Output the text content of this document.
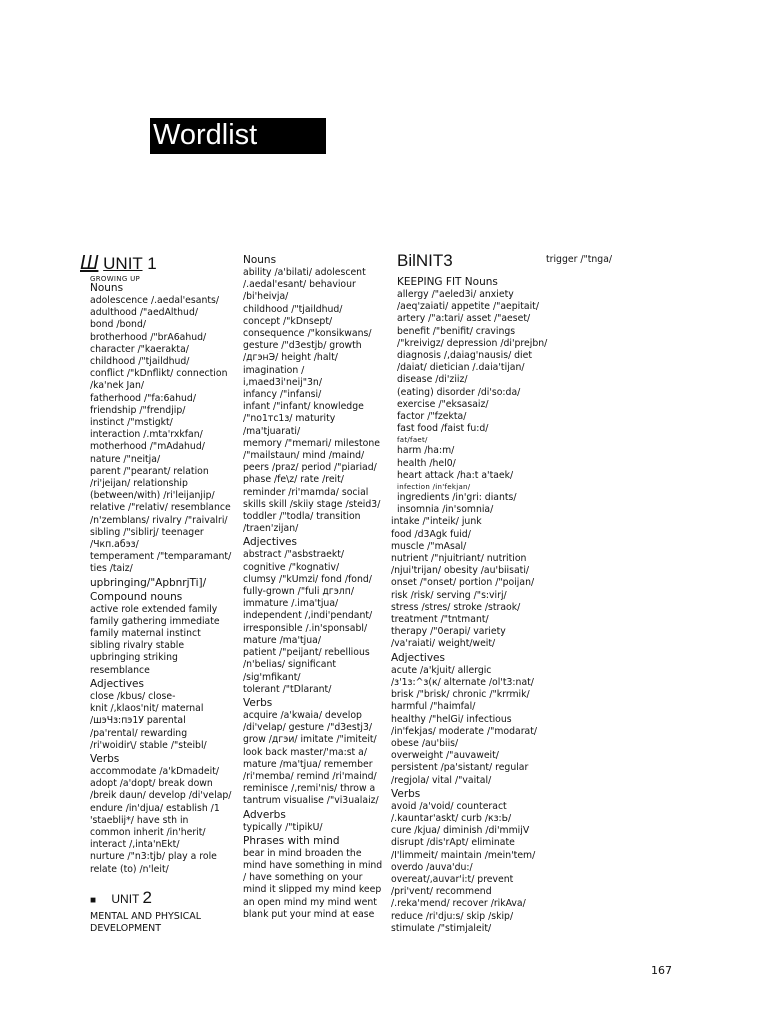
Wordlist
Ш UNIT 1
GROWING UP
Nouns
adolescence /.aedal'esants/
adulthood /"aedAlthud/
bond /bond/
brotherhood /"brA6ahud/
character /"kaerakta/
childhood /"tjaildhud/
conflict /"kDnflikt/ connection
/ka'nek Jan/
fatherhood /"fa:6ahud/
friendship /"frendjip/
instinct /"mstigkt/
interaction /.mta'rxkfan/
motherhood /"mAdahud/
nature /"neitja/
parent /"pearant/ relation
/ri'jeijan/ relationship
(between/with) /ri'leijanjip/
relative /"relativ/ resemblance
/n'zemblans/ rivalry /"raivalri/
sibling /"siblirj/ teenager
/Чкп.абэз/
temperament /"temparamant/
ties /taiz/
upbringing/"ApbnrjTi]/
Compound nouns
active role extended family
family gathering immediate
family maternal instinct
sibling rivalry stable
upbringing striking
resemblance
Adjectives
close /kbus/ close-
knit /,klaos'nit/ maternal
/шэЧз:пэ1У parental
/pa'rental/ rewarding
/ri'woidir\/ stable /"steibl/
Verbs
accommodate /a'kDmadeit/
adopt /a'dopt/ break down
/breik daun/ develop /di'velap/
endure /in'djua/ establish /1
'staeblij*/ have sth in
common inherit /in'herit/
interact /,inta'nEkt/
nurture /"n3:tjb/ play a role
relate (to) /n'leit/
■ UNIT 2
MENTAL AND PHYSICAL
DEVELOPMENT
Nouns
ability /a'bilati/ adolescent
/.aedal'esant/ behaviour
/bi'heivja/
childhood /"tjaildhud/
concept /"kDnsept/
consequence /"konsikwans/
gesture /"d3estjb/ growth
/дгэнЭ/ height /halt/
imagination /
i,maed3i'neij"3n/
infancy /"infansi/
infant /"infant/ knowledge
/"no1тс1з/ maturity
/ma'tjuarati/
memory /"memari/ milestone
/"mailstaun/ mind /maind/
peers /praz/ period /"piariad/
phase /fe\z/ rate /reit/
reminder /ri'mamda/ social
skills skill /skiiy stage /steid3/
toddler /"todla/ transition
/traen'zijan/
Adjectives
abstract /"asbstraekt/
cognitive /"kognativ/
clumsy /"kUmzi/ fond /fond/
fully-grown /"fuli дгэлп/
immature /.ima'tjua/
independent /,indi'pendant/
irresponsible /.in'sponsabl/
mature /ma'tjua/
patient /"peijant/ rebellious
/n'belias/ significant
/sig'mfikant/
tolerant /"tDlarant/
Verbs
acquire /a'kwaia/ develop
/di'velap/ gesture /"d3estj3/
grow /дгэи/ imitate /"imiteit/
look back master/'ma:st a/
mature /ma'tjua/ remember
/ri'memba/ remind /ri'maind/
reminisce /,remi'nis/ throw a
tantrum visualise /"vi3ualaiz/
Adverbs
typically /"tipikU/
Phrases with mind
bear in mind broaden the
mind have something in mind
/ have something on your
mind it slipped my mind keep
an open mind my mind went
blank put your mind at ease
BilNIT3
KEEPING FIT Nouns
allergy /"aeled3i/ anxiety
/aeq'zaiati/ appetite /"aepitait/
artery /"a:tari/ asset /"aeset/
benefit /"benifit/ cravings
/"kreivigz/ depression /di'prejbn/
diagnosis /,daiag'nausis/ diet
/daiat/ dietician /.daia'tijan/
disease /di'ziiz/
(eating) disorder /di'so:da/
exercise /"eksasaiz/
factor /"fzekta/
fast food /faist fu:d/
fat/faet/
harm /ha:m/
health /hel0/
heart attack /ha:t a'taek/
infection /in'fekjan/
ingredients /in'gri: diants/
insomnia /in'somnia/
intake /"inteik/ junk
food /d3Agk fuid/
muscle /"mAsal/
nutrient /"njuitriant/ nutrition
/njui'trijan/ obesity /au'biisati/
onset /"onset/ portion /"poijan/
risk /risk/ serving /"s:virj/
stress /stres/ stroke /straok/
treatment /"tntmant/
therapy /"0erapi/ variety
/va'raiati/ weight/weit/
Adjectives
acute /a'kjuit/ allergic
/з'1з:^з(к/ alternate /ol't3:nat/
brisk /"brisk/ chronic /"krrmik/
harmful /"haimfal/
healthy /"helGi/ infectious
/in'fekjas/ moderate /"modarat/
obese /au'biis/
overweight /"auvaweit/
persistent /pa'sistant/ regular
/regjola/ vital /"vaital/
Verbs
avoid /a'void/ counteract
/.kauntar'askt/ curb /кз:Ь/
cure /kjua/ diminish /di'mmijV
disrupt /dis'rApt/ eliminate
/I'limmeit/ maintain /mein'tem/
overdo /auva'du:/
overeat/,auvar'i:t/ prevent
/pri'vent/ recommend
/.reka'mend/ recover /rikAva/
reduce /ri'dju:s/ skip /skip/
stimulate /"stimjaleit/
trigger /"tnga/
167
